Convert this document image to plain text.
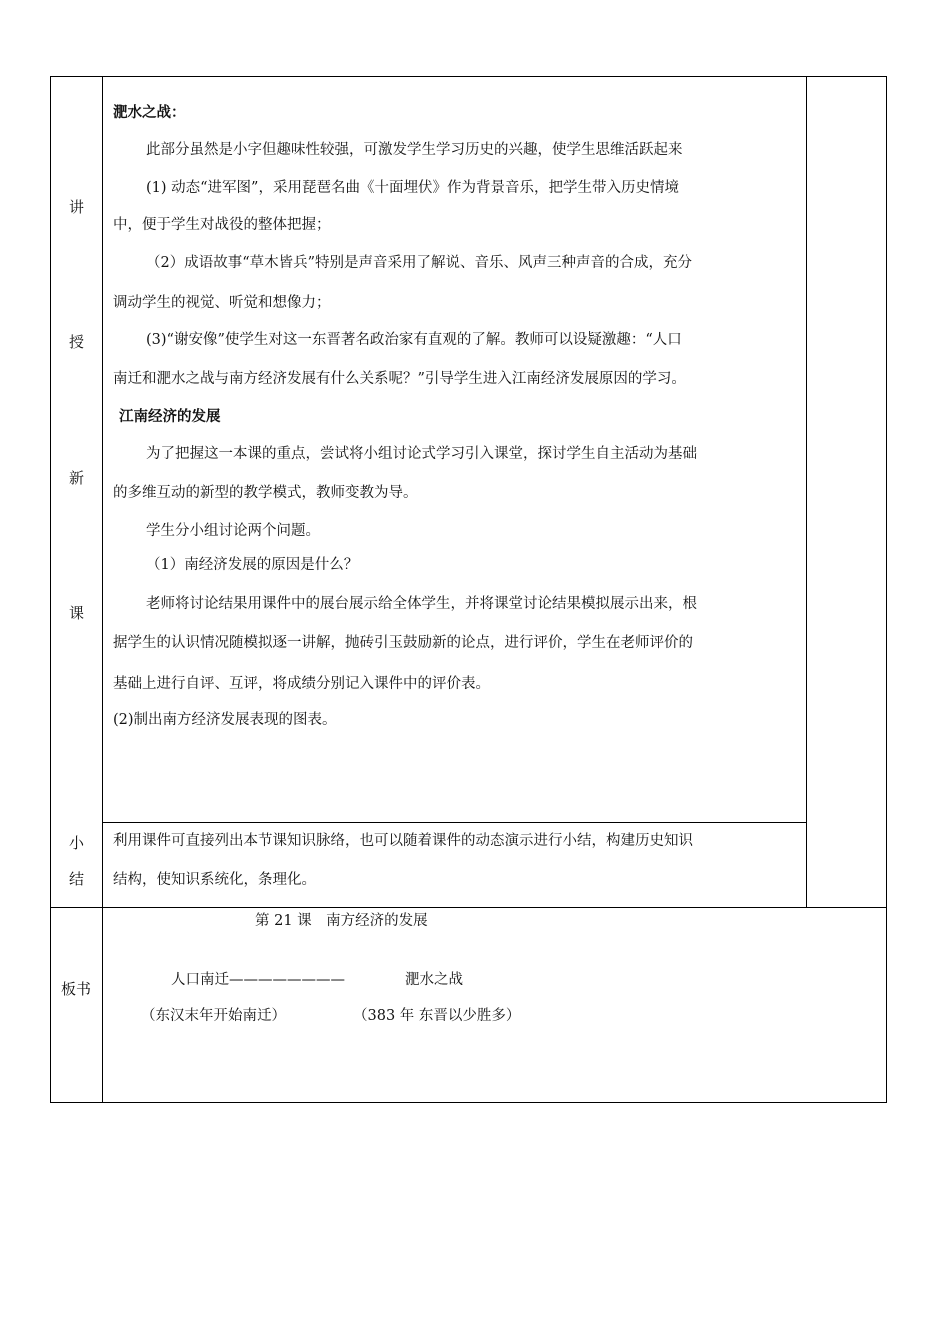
讲
授
新
课
小
结
板书
淝水之战：
此部分虽然是小字但趣味性较强，可激发学生学习历史的兴趣，使学生思维活跃起来
(1) 动态“进军图”，采用琵琶名曲《十面埋伏》作为背景音乐，把学生带入历史情境
中，便于学生对战役的整体把握；
（2）成语故事“草木皆兵”特别是声音采用了解说、音乐、风声三种声音的合成，充分
调动学生的视觉、听觉和想像力；
(3)“谢安像”使学生对这一东晋著名政治家有直观的了解。教师可以设疑激趣：“人口
南迁和淝水之战与南方经济发展有什么关系呢？”引导学生进入江南经济发展原因的学习。
江南经济的发展
为了把握这一本课的重点，尝试将小组讨论式学习引入课堂，探讨学生自主活动为基础
的多维互动的新型的教学模式，教师变教为导。
学生分小组讨论两个问题。
（1）南经济发展的原因是什么？
老师将讨论结果用课件中的展台展示给全体学生，并将课堂讨论结果模拟展示出来，根
据学生的认识情况随模拟逐一讲解，抛砖引玉鼓励新的论点，进行评价，学生在老师评价的
基础上进行自评、互评，将成绩分别记入课件中的评价表。
(2)制出南方经济发展表现的图表。
利用课件可直接列出本节课知识脉络，也可以随着课件的动态演示进行小结，构建历史知识
结构，使知识系统化，条理化。
第 21 课　南方经济的发展
人口南迁————————	淝水之战
（东汉末年开始南迁）	（383 年 东晋以少胜多）
